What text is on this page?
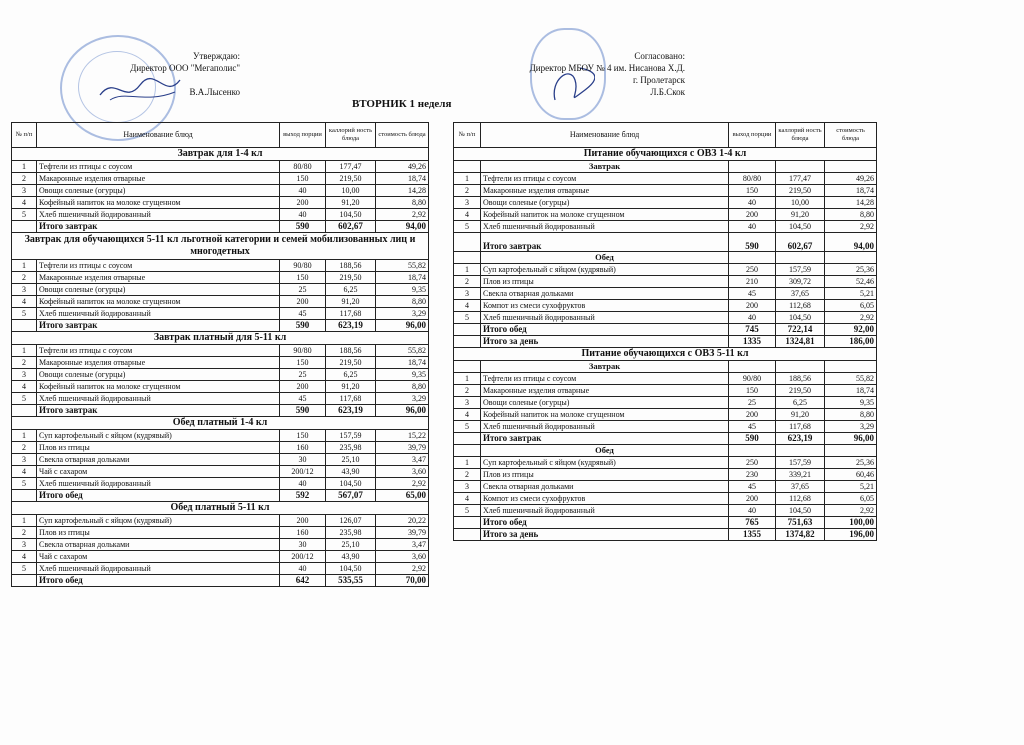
Утверждаю:
Директор ООО "Мегаполис"
В.А.Лысенко
Согласовано:
Директор МБОУ № 4 им. Нисанова Х.Д.
г. Пролетарск
Л.Б.Скок
ВТОРНИК 1 неделя
№ п/п	Наименование блюд	выход порции	каллорий ность блюда	стоимость блюда
Завтрак для 1-4 кл				
1	Тефтели из птицы с соусом	80/80	177,47	49,26
2	Макаронные изделия отварные	150	219,50	18,74
3	Овощи соленые (огурцы)	40	10,00	14,28
4	Кофейный напиток на молоке сгущенном	200	91,20	8,80
5	Хлеб пшеничный йодированный	40	104,50	2,92
	Итого завтрак	590	602,67	94,00
Завтрак для обучающихся 5-11 кл льготной категории и семей мобилизованных лиц и многодетных				
1	Тефтели из птицы с соусом	90/80	188,56	55,82
2	Макаронные изделия отварные	150	219,50	18,74
3	Овощи соленые (огурцы)	25	6,25	9,35
4	Кофейный напиток на молоке сгущенном	200	91,20	8,80
5	Хлеб пшеничный йодированный	45	117,68	3,29
	Итого завтрак	590	623,19	96,00
Завтрак платный для 5-11 кл				
1	Тефтели из птицы с соусом	90/80	188,56	55,82
2	Макаронные изделия отварные	150	219,50	18,74
3	Овощи соленые (огурцы)	25	6,25	9,35
4	Кофейный напиток на молоке сгущенном	200	91,20	8,80
5	Хлеб пшеничный йодированный	45	117,68	3,29
	Итого завтрак	590	623,19	96,00
Обед платный 1-4 кл				
1	Суп картофельный с яйцом (кудрявый)	150	157,59	15,22
2	Плов из птицы	160	235,98	39,79
3	Свекла отварная дольками	30	25,10	3,47
4	Чай с сахаром	200/12	43,90	3,60
5	Хлеб пшеничный йодированный	40	104,50	2,92
	Итого обед	592	567,07	65,00
Обед платный 5-11 кл				
1	Суп картофельный с яйцом (кудрявый)	200	126,07	20,22
2	Плов из птицы	160	235,98	39,79
3	Свекла отварная дольками	30	25,10	3,47
4	Чай с сахаром	200/12	43,90	3,60
5	Хлеб пшеничный йодированный	40	104,50	2,92
	Итого обед	642	535,55	70,00
№ п/п	Наименование блюд	выход порции	каллорий ность блюда	стоимость блюда
Питание обучающихся с ОВЗ 1-4 кл				
	Завтрак			
1	Тефтели из птицы с соусом	80/80	177,47	49,26
2	Макаронные изделия отварные	150	219,50	18,74
3	Овощи соленые (огурцы)	40	10,00	14,28
4	Кофейный напиток на молоке сгущенном	200	91,20	8,80
5	Хлеб пшеничный йодированный	40	104,50	2,92
	Итого завтрак	590	602,67	94,00
	Обед			
1	Суп картофельный с яйцом (кудрявый)	250	157,59	25,36
2	Плов из птицы	210	309,72	52,46
3	Свекла отварная дольками	45	37,65	5,21
4	Компот из смеси сухофруктов	200	112,68	6,05
5	Хлеб пшеничный йодированный	40	104,50	2,92
	Итого обед	745	722,14	92,00
	Итого за день	1335	1324,81	186,00
Питание обучающихся с ОВЗ 5-11 кл				
	Завтрак			
1	Тефтели из птицы с соусом	90/80	188,56	55,82
2	Макаронные изделия отварные	150	219,50	18,74
3	Овощи соленые (огурцы)	25	6,25	9,35
4	Кофейный напиток на молоке сгущенном	200	91,20	8,80
5	Хлеб пшеничный йодированный	45	117,68	3,29
	Итого завтрак	590	623,19	96,00
	Обед			
1	Суп картофельный с яйцом (кудрявый)	250	157,59	25,36
2	Плов из птицы	230	339,21	60,46
3	Свекла отварная дольками	45	37,65	5,21
4	Компот из смеси сухофруктов	200	112,68	6,05
5	Хлеб пшеничный йодированный	40	104,50	2,92
	Итого обед	765	751,63	100,00
	Итого за день	1355	1374,82	196,00
